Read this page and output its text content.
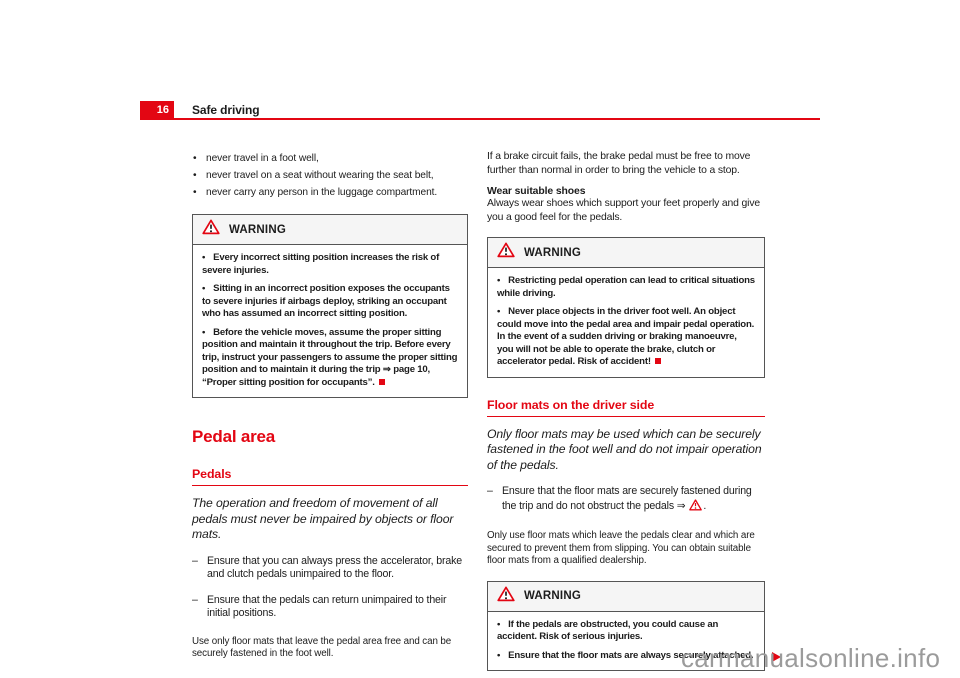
16	Safe driving
• never travel in a foot well,
• never travel on a seat without wearing the seat belt,
• never carry any person in the luggage compartment.
WARNING
• Every incorrect sitting position increases the risk of severe injuries.
• Sitting in an incorrect position exposes the occupants to severe injuries if airbags deploy, striking an occupant who has assumed an incorrect sitting position.
• Before the vehicle moves, assume the proper sitting position and maintain it throughout the trip. Before every trip, instruct your passengers to assume the proper sitting position and to maintain it during the trip ⇒ page 10, “Proper sitting position for occupants”.
Pedal area
Pedals
The operation and freedom of movement of all pedals must never be impaired by objects or floor mats.
– Ensure that you can always press the accelerator, brake and clutch pedals unimpaired to the floor.
– Ensure that the pedals can return unimpaired to their initial positions.
Use only floor mats that leave the pedal area free and can be securely fastened in the foot well.
If a brake circuit fails, the brake pedal must be free to move further than normal in order to bring the vehicle to a stop.
Wear suitable shoes
Always wear shoes which support your feet properly and give you a good feel for the pedals.
WARNING
• Restricting pedal operation can lead to critical situations while driving.
• Never place objects in the driver foot well. An object could move into the pedal area and impair pedal operation. In the event of a sudden driving or braking manoeuvre, you will not be able to operate the brake, clutch or accelerator pedal. Risk of accident!
Floor mats on the driver side
Only floor mats may be used which can be securely fastened in the foot well and do not impair operation of the pedals.
– Ensure that the floor mats are securely fastened during the trip and do not obstruct the pedals ⇒ .
Only use floor mats which leave the pedals clear and which are secured to prevent them from slipping. You can obtain suitable floor mats from a qualified dealership.
WARNING
• If the pedals are obstructed, you could cause an accident. Risk of serious injuries.
• Ensure that the floor mats are always securely attached.
carmanualsonline.info
